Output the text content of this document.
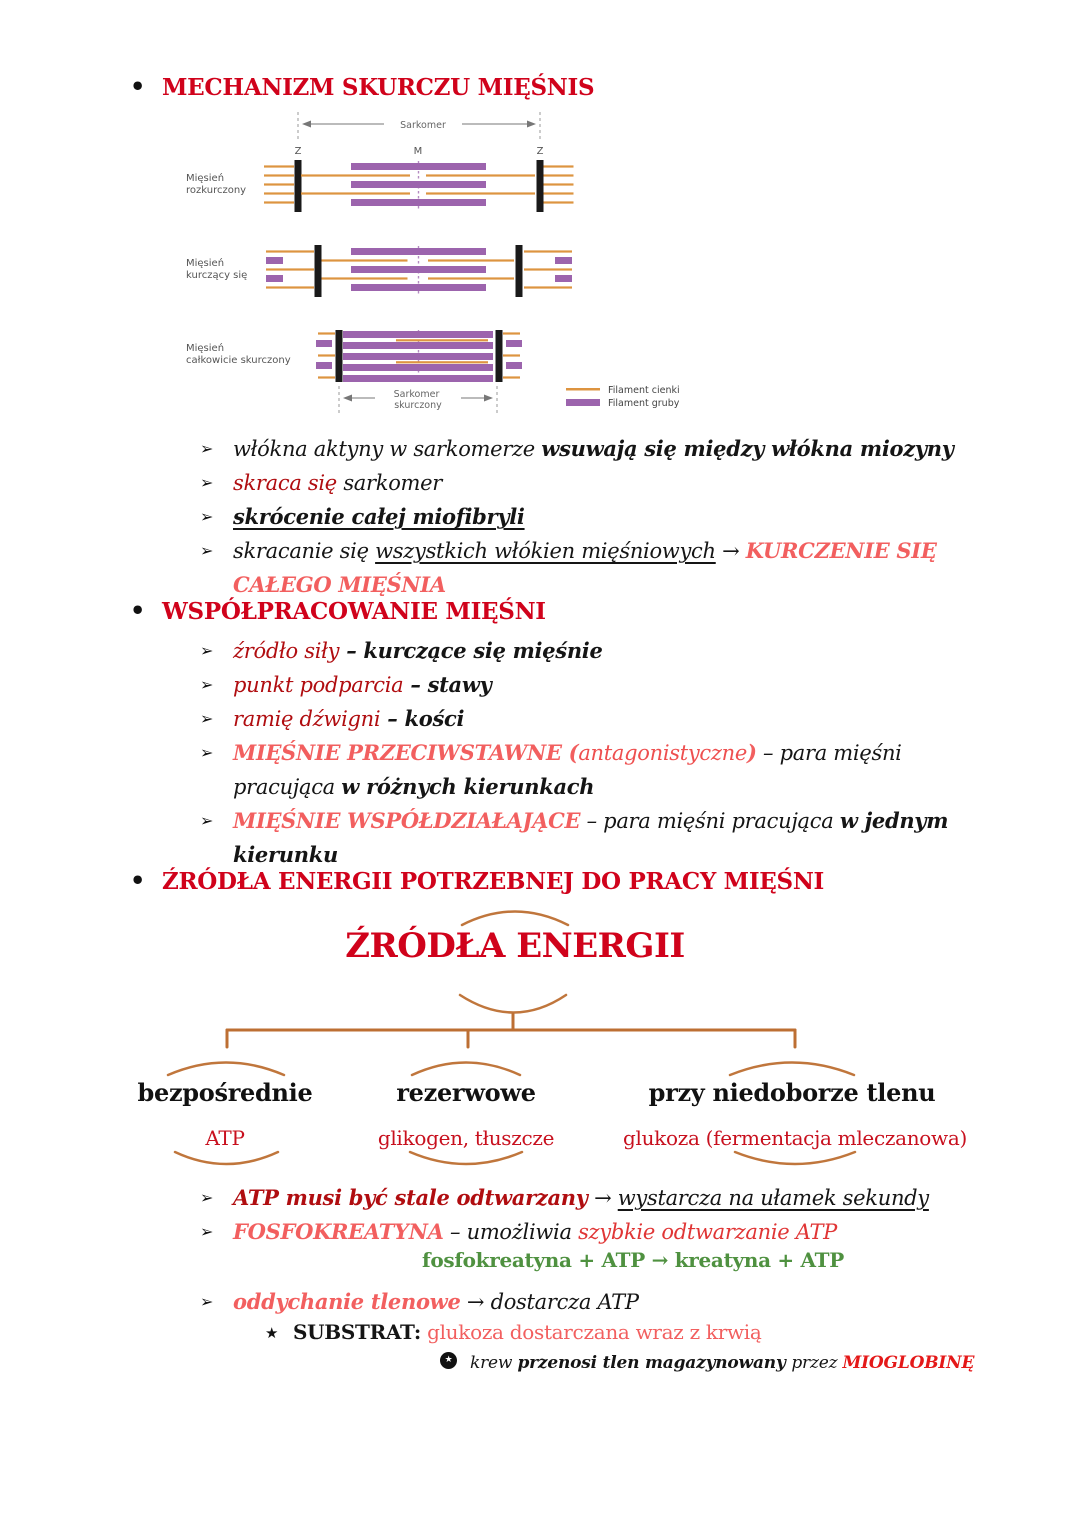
• MECHANIZM SKURCZU MIĘŚNIS
Sarkomer
Z	M	Z
Mięsień rozkurczony
Mięsień kurczący się
Mięsień całkowicie skurczony
Sarkomer skurczony
Filament cienki
Filament gruby
➢ włókna aktyny w sarkomerze wsuwają się między włókna miozyny
➢ skraca się sarkomer
➢ skrócenie całej miofibryli
➢ skracanie się wszystkich włókien mięśniowych → KURCZENIE SIĘ
CAŁEGO MIĘŚNIA
• WSPÓŁPRACOWANIE MIĘŚNI
➢ źródło siły – kurczące się mięśnie
➢ punkt podparcia – stawy
➢ ramię dźwigni – kości
➢ MIĘŚNIE PRZECIWSTAWNE (antagonistyczne) – para mięśni
pracująca w różnych kierunkach
➢ MIĘŚNIE WSPÓŁDZIAŁAJĄCE – para mięśni pracująca w jednym
kierunku
• ŹRÓDŁA ENERGII POTRZEBNEJ DO PRACY MIĘŚNI
ŹRÓDŁA ENERGII
bezpośrednie	rezerwowe	przy niedoborze tlenu
ATP	glikogen, tłuszcze	glukoza (fermentacja mleczanowa)
➢ ATP musi być stale odtwarzany → wystarcza na ułamek sekundy
➢ FOSFOKREATYNA – umożliwia szybkie odtwarzanie ATP
fosfokreatyna + ATP → kreatyna + ATP
➢ oddychanie tlenowe → dostarcza ATP
★ SUBSTRAT: glukoza dostarczana wraz z krwią
★ krew przenosi tlen magazynowany przez MIOGLOBINĘ
